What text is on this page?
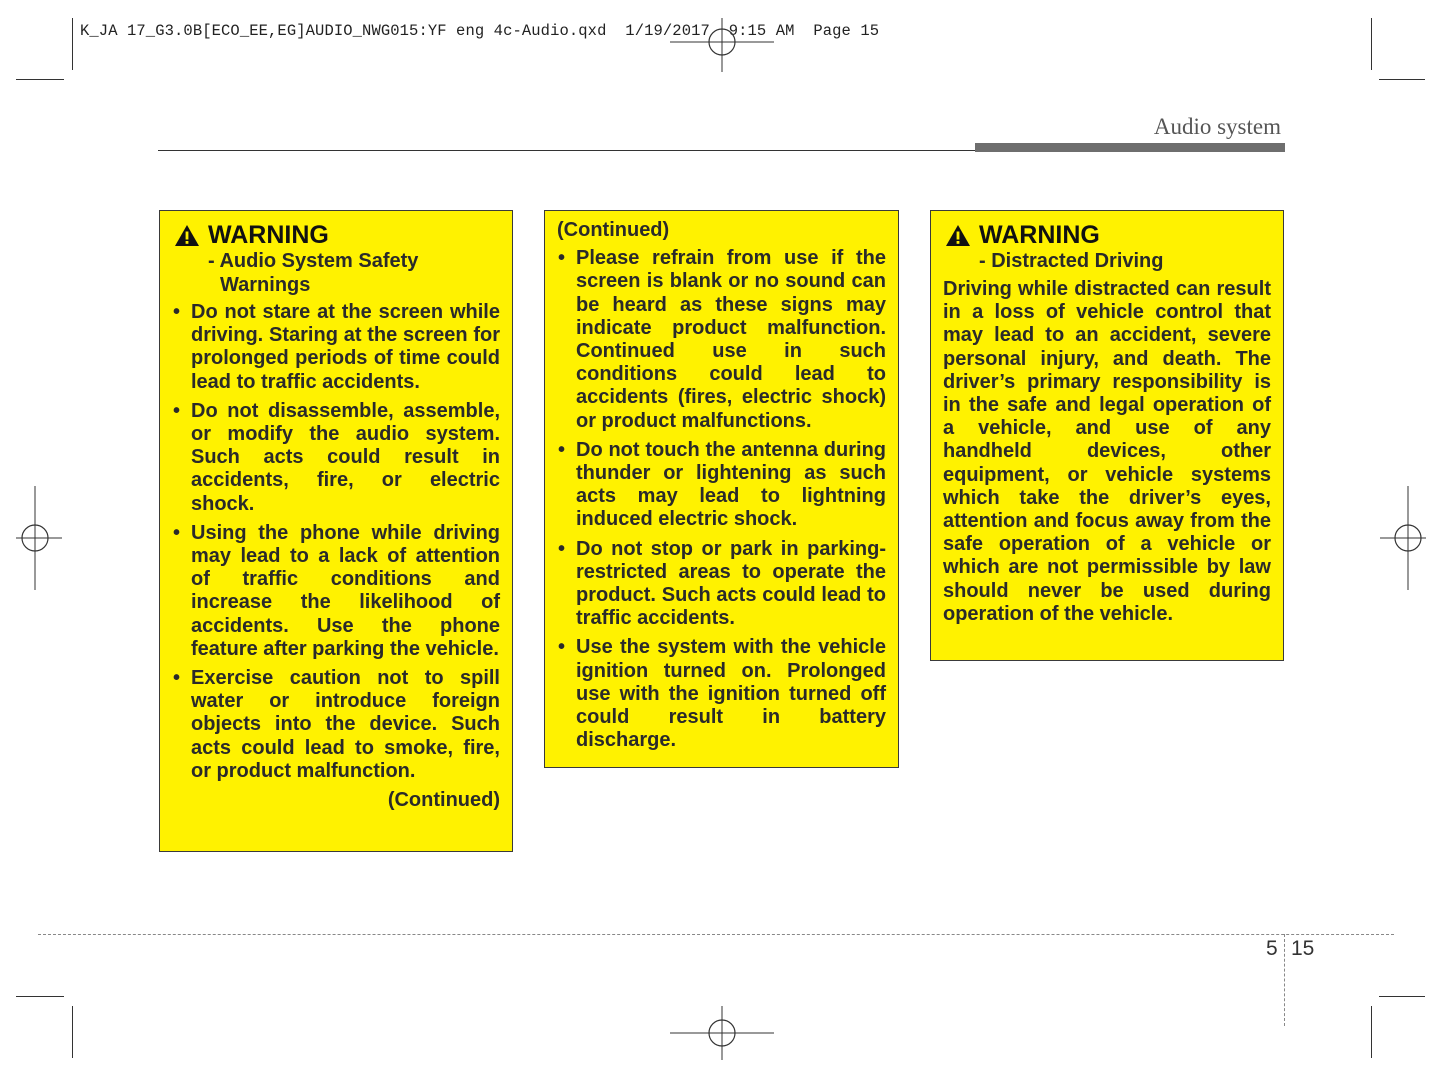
K_JA 17_G3.0B[ECO_EE,EG]AUDIO_NWG015:YF eng 4c-Audio.qxd  1/19/2017  9:15 AM  Page 15
Audio system
WARNING
- Audio System Safety Warnings
• Do not stare at the screen while driving. Staring at the screen for prolonged periods of time could lead to traffic accidents.
• Do not disassemble, assemble, or modify the audio system. Such acts could result in accidents, fire, or electric shock.
• Using the phone while driving may lead to a lack of attention of traffic conditions and increase the likelihood of accidents. Use the phone feature after parking the vehicle.
• Exercise caution not to spill water or introduce foreign objects into the device. Such acts could lead to smoke, fire, or product malfunction.
(Continued)
(Continued)
• Please refrain from use if the screen is blank or no sound can be heard as these signs may indicate product malfunction. Continued use in such conditions could lead to accidents (fires, electric shock) or product malfunctions.
• Do not touch the antenna during thunder or lightening as such acts may lead to lightning induced electric shock.
• Do not stop or park in parking-restricted areas to operate the product. Such acts could lead to traffic accidents.
• Use the system with the vehicle ignition turned on. Prolonged use with the ignition turned off could result in battery discharge.
WARNING
- Distracted Driving
Driving while distracted can result in a loss of vehicle control that may lead to an accident, severe personal injury, and death. The driver’s primary responsibility is in the safe and legal operation of a vehicle, and use of any handheld devices, other equipment, or vehicle systems which take the driver’s eyes, attention and focus away from the safe operation of a vehicle or which are not permissible by law should never be used during operation of the vehicle.
5 15
